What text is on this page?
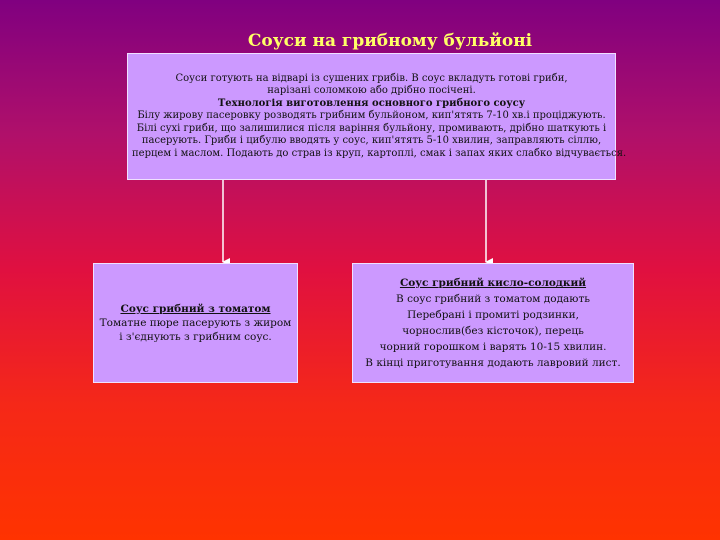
Соуси на грибному бульйоні
Соуси готують на відварі із сушених грибів. В соус вкладуть готові гриби,
нарізані соломкою або дрібно посічені.
Технологія виготовлення основного грибного соусу
Білу жирову пасеровку розводять грибним бульйоном, кип'ятять 7-10 хв.і проціджують.
Білі сухі гриби, що залишилися після варіння бульйону, промивають, дрібно шаткують і
пасерують. Гриби і цибулю вводять у соус, кип'ятять 5-10 хвилин, заправляють сіллю,
перцем і маслом. Подають до страв із круп, картоплі, смак і запах яких слабко відчувається.
Соус грибний з томатом
Томатне пюре пасерують з жиром
і з'єднують з грибним соус.
Соус грибний кисло-солодкий
В соус грибний з томатом додають
Перебрані і промиті родзинки,
чорнослив(без кісточок), перець
чорний горошком і варять 10-15 хвилин.
В кінці приготування додають лавровий лист.
